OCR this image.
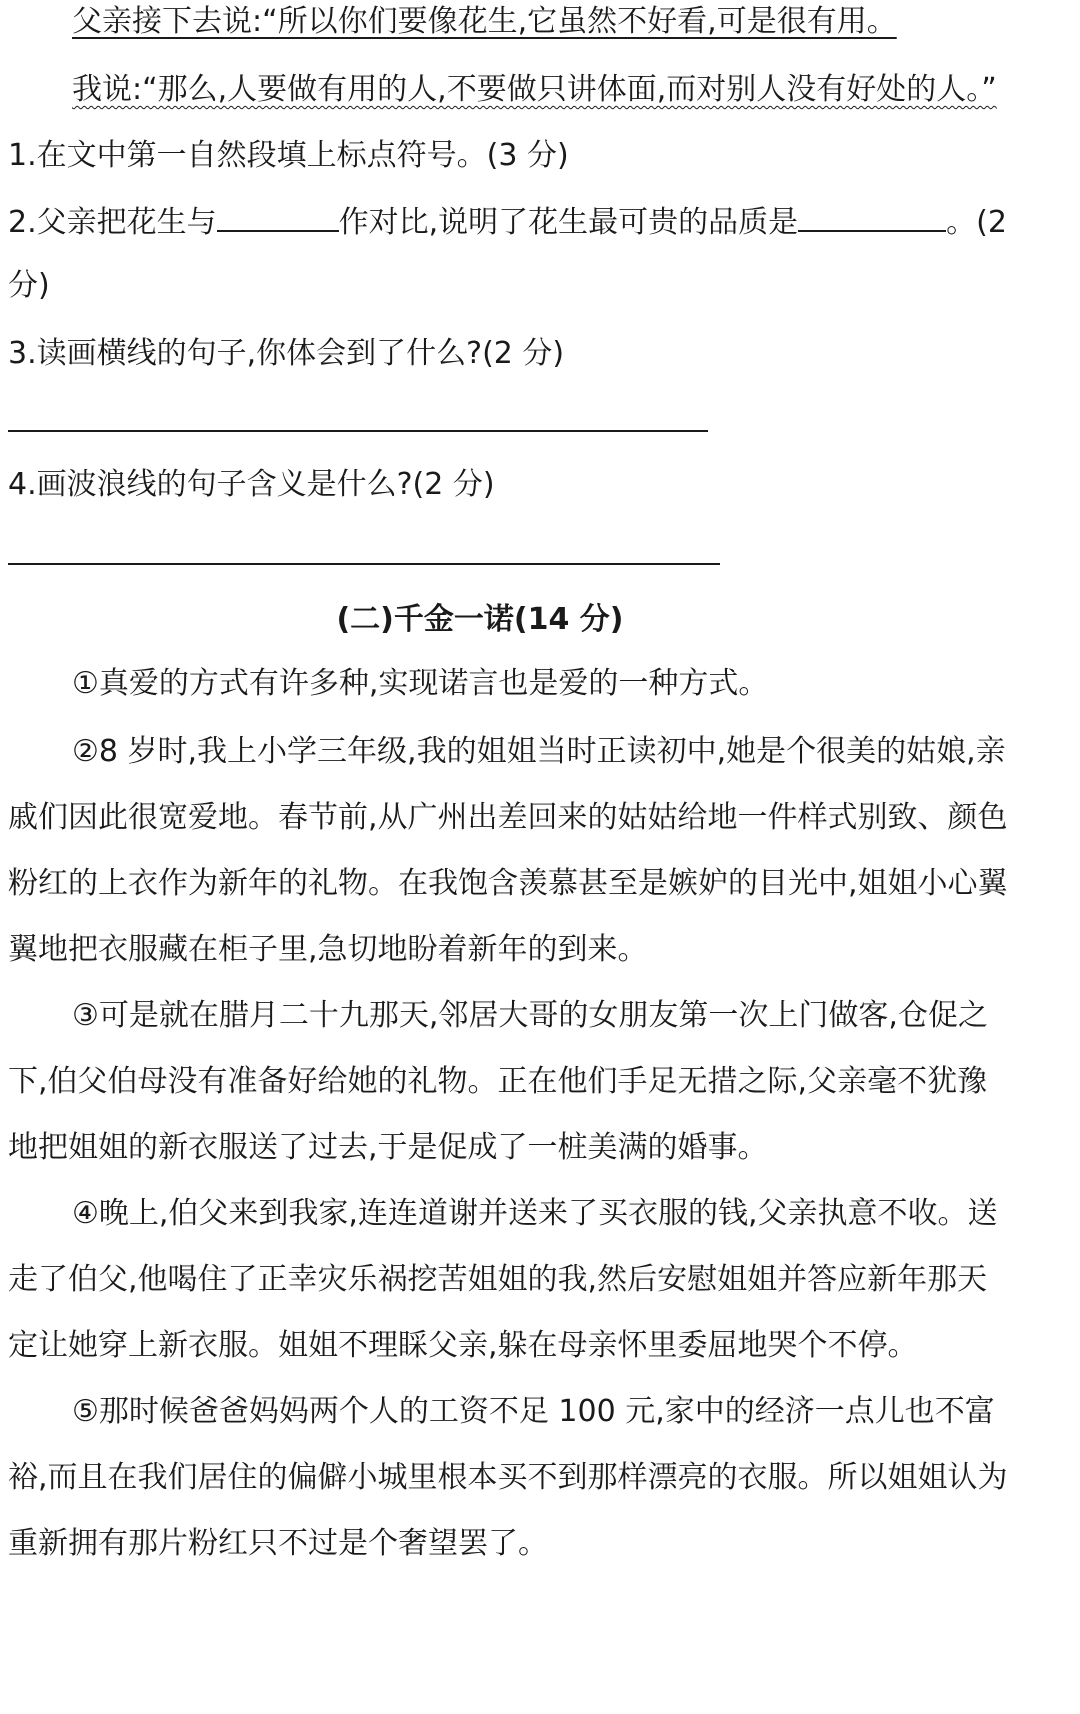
父亲接下去说:“所以你们要像花生,它虽然不好看,可是很有用。
我说:“那么,人要做有用的人,不要做只讲体面,而对别人没有好处的人。”
1.在文中第一自然段填上标点符号。(3 分)
2.父亲把花生与	作对比,说明了花生最可贵的品质是	。(2
分)
3.读画横线的句子,你体会到了什么?(2 分)
4.画波浪线的句子含义是什么?(2 分)
(二)千金一诺(14 分)
①真爱的方式有许多种,实现诺言也是爱的一种方式。
②8 岁时,我上小学三年级,我的姐姐当时正读初中,她是个很美的姑娘,亲
戚们因此很宽爱地。春节前,从广州出差回来的姑姑给地一件样式别致、颜色
粉红的上衣作为新年的礼物。在我饱含羡慕甚至是嫉妒的目光中,姐姐小心翼
翼地把衣服藏在柜子里,急切地盼着新年的到来。
③可是就在腊月二十九那天,邻居大哥的女朋友第一次上门做客,仓促之
下,伯父伯母没有准备好给她的礼物。正在他们手足无措之际,父亲毫不犹豫
地把姐姐的新衣服送了过去,于是促成了一桩美满的婚事。
④晚上,伯父来到我家,连连道谢并送来了买衣服的钱,父亲执意不收。送
走了伯父,他喝住了正幸灾乐祸挖苦姐姐的我,然后安慰姐姐并答应新年那天
定让她穿上新衣服。姐姐不理睬父亲,躲在母亲怀里委屈地哭个不停。
⑤那时候爸爸妈妈两个人的工资不足 100 元,家中的经济一点儿也不富
裕,而且在我们居住的偏僻小城里根本买不到那样漂亮的衣服。所以姐姐认为
重新拥有那片粉红只不过是个奢望罢了。
